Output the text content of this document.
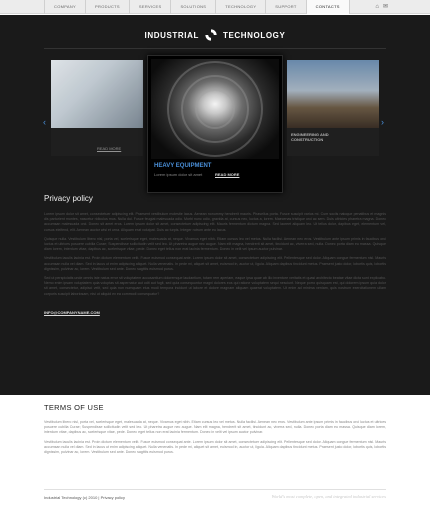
COMPANY	PRODUCTS	SERVICES	SOLUTIONS	TECHNOLOGY	SUPPORT	CONTACTS	⌂ ✉
INDUSTRIAL	TECHNOLOGY
‹
READ MORE
HEAVY EQUIPMENT
Lorem ipsum dolor sit amet	READ MORE
ENGINEERING AND
CONSTRUCTION
›
Privacy policy

Lorem ipsum dolor sit amet, consectetuer adipiscing elit. Praesent vestibulum molestie lacus. Aenean nonummy hendrerit mauris. Phasellus porta. Fusce suscipit varius mi. Cum sociis natoque penatibus et magnis dis parturient montes, nascetur ridiculus mus. Nulla dui. Fusce feugiat malesuada odio. Morbi nunc odio, gravida at, cursus nec, luctus a, lorem. Maecenas tristique orci ac sem. Duis ultricies pharetra magna. Donec accumsan malesuada orci. Donec sit amet eros. Lorem ipsum dolor sit amet, consectetuer adipiscing elit. Mauris fermentum dictum magna. Sed laoreet aliquam leo. Ut tellus dolor, dapibus eget, elementum vel, cursus eleifend, elit. Aenean auctor wisi et urna. Aliquam erat volutpat. Duis ac turpis. Integer rutrum ante eu lacus.

Quisque nulla. Vestibulum libero nisl, porta vel, scelerisque eget, malesuada at, neque. Vivamus eget nibh. Etiam cursus leo vel metus. Nulla facilisi. Aenean nec eros. Vestibulum ante ipsum primis in faucibus orci luctus et ultrices posuere cubilia Curae; Suspendisse sollicitudin velit sed leo. Ut pharetra augue nec augue. Nam elit magna, hendrerit sit amet, tincidunt ac, viverra sed, nulla. Donec porta diam eu massa. Quisque diam lorem, interdum vitae, dapibus ac, scelerisque vitae, pede. Donec eget tellus non erat lacinia fermentum. Donec in velit vel ipsum auctor pulvinar.

Vestibulum iaculis lacinia est. Proin dictum elementum velit. Fusce euismod consequat ante. Lorem ipsum dolor sit amet, consectetuer adipiscing elit. Pellentesque sed dolor. Aliquam congue fermentum nisl. Mauris accumsan nulla vel diam. Sed in lacus ut enim adipiscing aliquet. Nulla venenatis. In pede mi, aliquet sit amet, euismod in, auctor ut, ligula. Aliquam dapibus tincidunt metus. Praesent justo dolor, lobortis quis, lobortis dignissim, pulvinar ac, lorem. Vestibulum sed ante. Donec sagittis euismod purus.

Sed ut perspiciatis unde omnis iste natus error sit voluptatem accusantium doloremque laudantium, totam rem aperiam, eaque ipsa quae ab illo inventore veritatis et quasi architecto beatae vitae dicta sunt explicabo. Nemo enim ipsam voluptatem quia voluptas sit aspernatur aut odit aut fugit, sed quia consequuntur magni dolores eos qui ratione voluptatem sequi nesciunt. Neque porro quisquam est, qui dolorem ipsum quia dolor sit amet, consectetur, adipisci velit, sed quia non numquam eius modi tempora incidunt ut labore et dolore magnam aliquam quaerat voluptatem. Ut enim ad minima veniam, quis nostrum exercitationem ullam corporis suscipit laboriosam, nisi ut aliquid ex ea commodi consequatur?

INFO@COMPANYNAME.COM
TERMS OF USE

Vestibulum libero nisl, porta vel, scelerisque eget, malesuada at, neque. Vivamus eget nibh. Etiam cursus leo vel metus. Nulla facilisi. Aenean nec eros. Vestibulum ante ipsum primis in faucibus orci luctus et ultrices posuere cubilia Curae; Suspendisse sollicitudin velit sed leo. Ut pharetra augue nec augue. Nam elit magna, hendrerit sit amet, tincidunt ac, viverra sed, nulla. Donec porta diam eu massa. Quisque diam lorem, interdum vitae, dapibus ac, scelerisque vitae, pede. Donec eget tellus non erat lacinia fermentum. Donec in velit vel ipsum auctor pulvinar.

Vestibulum iaculis lacinia est. Proin dictum elementum velit. Fusce euismod consequat ante. Lorem ipsum dolor sit amet, consectetuer adipiscing elit. Pellentesque sed dolor. Aliquam congue fermentum nisl. Mauris accumsan nulla vel diam. Sed in lacus ut enim adipiscing aliquet. Nulla venenatis. In pede mi, aliquet sit amet, euismod in, auctor ut, ligula. Aliquam dapibus tincidunt metus. Praesent justo dolor, lobortis quis, lobortis dignissim, pulvinar ac, lorem. Vestibulum sed ante. Donec sagittis euismod purus.

Industrial Technology (c) 2010 | Privacy policy	World's most complete, open, and integrated industrial services
